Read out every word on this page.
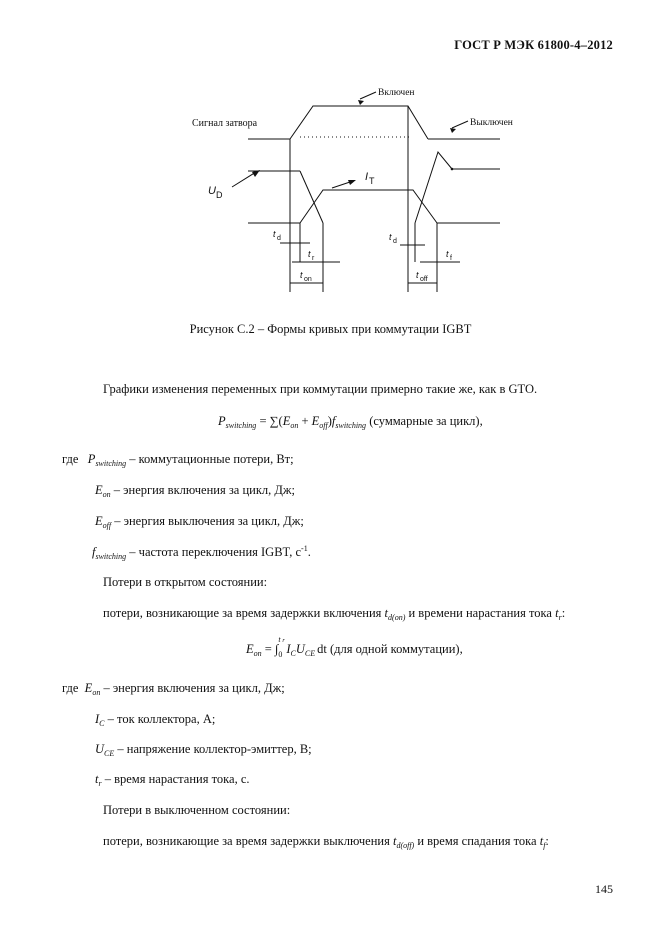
ГОСТ Р МЭК 61800-4–2012
Включен
Выключен
Сигнал затвора
U D
I T
t d
t r
t on
t d
t f
t off
Рисунок С.2 – Формы кривых при коммутации IGBT
Графики изменения переменных при коммутации примерно такие же, как в GTO.
$P_{switching} = \sum(E_{on} + E_{off})f_{switching}$ (суммарные за цикл),
где $P_{switching}$ – коммутационные потери, Вт;
$E_{on}$ – энергия включения за цикл, Дж;
$E_{off}$ – энергия выключения за цикл, Дж;
$f_{switching}$ – частота переключения IGBT, $с^{-1}$.
Потери в открытом состоянии:
потери, возникающие за время задержки включения $t_{d(on)}$ и времени нарастания тока $t_r$:
$E_{on}$ = ∫
t r
0 $I_CU_{CE}$ dt (для одной коммутации),
где $E_{on}$ – энергия включения за цикл, Дж;
$I_C$ – ток коллектора, А;
$U_{CE}$ – напряжение коллектор-эмиттер, В;
$t_r$ – время нарастания тока, с.
Потери в выключенном состоянии:
потери, возникающие за время задержки выключения $t_{d(off)}$ и время спадания тока $t_f$:
145
